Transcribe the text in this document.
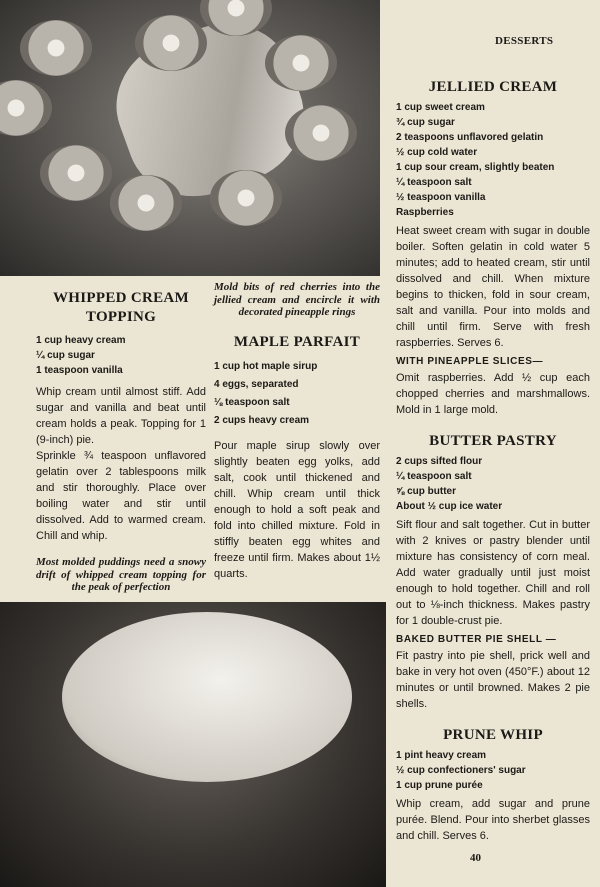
DESSERTS
JELLIED CREAM
1 cup sweet cream
¾ cup sugar
2 teaspoons unflavored gelatin
½ cup cold water
1 cup sour cream, slightly beaten
¼ teaspoon salt
½ teaspoon vanilla
Raspberries

Heat sweet cream with sugar in double boiler. Soften gelatin in cold water 5 minutes; add to heated cream, stir until dissolved and chill. When mixture begins to thicken, fold in sour cream, salt and vanilla. Pour into molds and chill until firm. Serve with fresh raspberries. Serves 6.

WITH PINEAPPLE SLICES—

Omit raspberries. Add ½ cup each chopped cherries and marshmallows. Mold in 1 large mold.

BUTTER PASTRY
2 cups sifted flour
¼ teaspoon salt
⅝ cup butter
About ½ cup ice water

Sift flour and salt together. Cut in butter with 2 knives or pastry blender until mixture has consistency of corn meal. Add water gradually until just moist enough to hold together. Chill and roll out to ⅛-inch thickness. Makes pastry for 1 double-crust pie.

BAKED BUTTER PIE SHELL —

Fit pastry into pie shell, prick well and bake in very hot oven (450°F.) about 12 minutes or until browned. Makes 2 pie shells.

PRUNE WHIP
1 pint heavy cream
½ cup confectioners' sugar
1 cup prune purée

Whip cream, add sugar and prune purée. Blend. Pour into sherbet glasses and chill. Serves 6.

40
Mold bits of red cherries into the jellied cream and encircle it with decorated pineapple rings
MAPLE PARFAIT
1 cup hot maple sirup
4 eggs, separated
⅛ teaspoon salt
2 cups heavy cream

Pour maple sirup slowly over slightly beaten egg yolks, add salt, cook until thickened and chill. Whip cream until thick enough to hold a soft peak and fold into chilled mixture. Fold in stiffly beaten egg whites and freeze until firm. Makes about 1½ quarts.

WHIPPED CREAM TOPPING
1 cup heavy cream
¼ cup sugar
1 teaspoon vanilla

Whip cream until almost stiff. Add sugar and vanilla and beat until cream holds a peak. Topping for 1 (9-inch) pie.

Sprinkle ¾ teaspoon unflavored gelatin over 2 tablespoons milk and stir thoroughly. Place over boiling water and stir until dissolved. Add to warmed cream. Chill and whip.

Most molded puddings need a snowy drift of whipped cream topping for the peak of perfection
